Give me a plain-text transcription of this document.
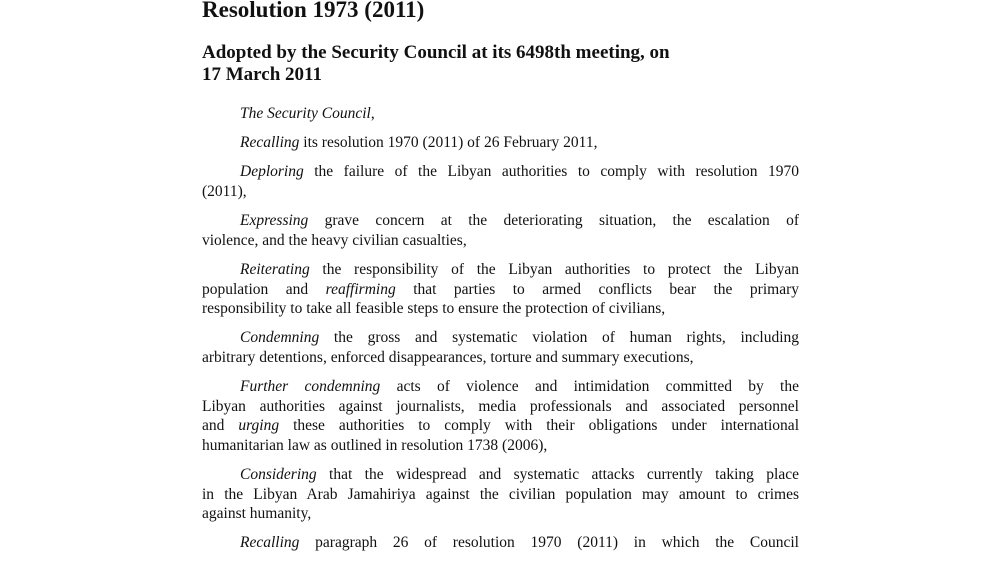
Resolution 1973 (2011)
Adopted by the Security Council at its 6498th meeting, on
17 March 2011

The Security Council,

Recalling its resolution 1970 (2011) of 26 February 2011,

Deploring the failure of the Libyan authorities to comply with resolution 1970
(2011),

Expressing grave concern at the deteriorating situation, the escalation of
violence, and the heavy civilian casualties,

Reiterating the responsibility of the Libyan authorities to protect the Libyan
population and reaffirming that parties to armed conflicts bear the primary
responsibility to take all feasible steps to ensure the protection of civilians,

Condemning the gross and systematic violation of human rights, including
arbitrary detentions, enforced disappearances, torture and summary executions,

Further condemning acts of violence and intimidation committed by the
Libyan authorities against journalists, media professionals and associated personnel
and urging these authorities to comply with their obligations under international
humanitarian law as outlined in resolution 1738 (2006),

Considering that the widespread and systematic attacks currently taking place
in the Libyan Arab Jamahiriya against the civilian population may amount to crimes
against humanity,

Recalling paragraph 26 of resolution 1970 (2011) in which the Council
